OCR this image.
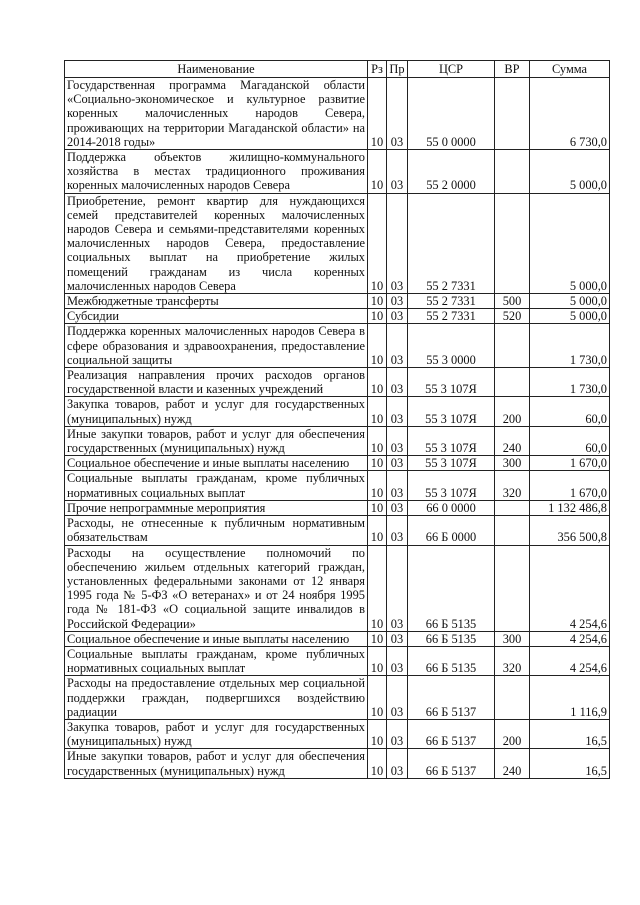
Наименование	Рз	Пр	ЦСР	ВР	Сумма
Государственная программа Магаданской области «Социально-экономическое и культурное развитие коренных малочисленных народов Севера, проживающих на территории Магаданской области» на 2014-2018 годы»	10	03	55 0 0000		6 730,0
Поддержка объектов жилищно-коммунального хозяйства в местах традиционного проживания коренных малочисленных народов Севера	10	03	55 2 0000		5 000,0
Приобретение, ремонт квартир для нуждающихся семей представителей коренных малочисленных народов Севера и семьями-представителями коренных малочисленных народов Севера, предоставление социальных выплат на приобретение жилых помещений гражданам из числа коренных малочисленных народов Севера	10	03	55 2 7331		5 000,0
Межбюджетные трансферты	10	03	55 2 7331	500	5 000,0
Субсидии	10	03	55 2 7331	520	5 000,0
Поддержка коренных малочисленных народов Севера в сфере образования и здравоохранения, предоставление социальной защиты	10	03	55 3 0000		1 730,0
Реализация направления прочих расходов органов государственной власти и казенных учреждений	10	03	55 3 107Я		1 730,0
Закупка товаров, работ и услуг для государственных (муниципальных) нужд	10	03	55 3 107Я	200	60,0
Иные закупки товаров, работ и услуг для обеспечения государственных (муниципальных) нужд	10	03	55 3 107Я	240	60,0
Социальное обеспечение и иные выплаты населению	10	03	55 3 107Я	300	1 670,0
Социальные выплаты гражданам, кроме публичных нормативных социальных выплат	10	03	55 3 107Я	320	1 670,0
Прочие непрограммные мероприятия	10	03	66 0 0000		1 132 486,8
Расходы, не отнесенные к публичным нормативным обязательствам	10	03	66 Б 0000		356 500,8
Расходы на осуществление полномочий по обеспечению жильем отдельных категорий граждан, установленных федеральными законами от 12 января 1995 года № 5-ФЗ «О ветеранах» и от 24 ноября 1995 года № 181-ФЗ «О социальной защите инвалидов в Российской Федерации»	10	03	66 Б 5135		4 254,6
Социальное обеспечение и иные выплаты населению	10	03	66 Б 5135	300	4 254,6
Социальные выплаты гражданам, кроме публичных нормативных социальных выплат	10	03	66 Б 5135	320	4 254,6
Расходы на предоставление отдельных мер социальной поддержки граждан, подвергшихся воздействию радиации	10	03	66 Б 5137		1 116,9
Закупка товаров, работ и услуг для государственных (муниципальных) нужд	10	03	66 Б 5137	200	16,5
Иные закупки товаров, работ и услуг для обеспечения государственных (муниципальных) нужд	10	03	66 Б 5137	240	16,5
